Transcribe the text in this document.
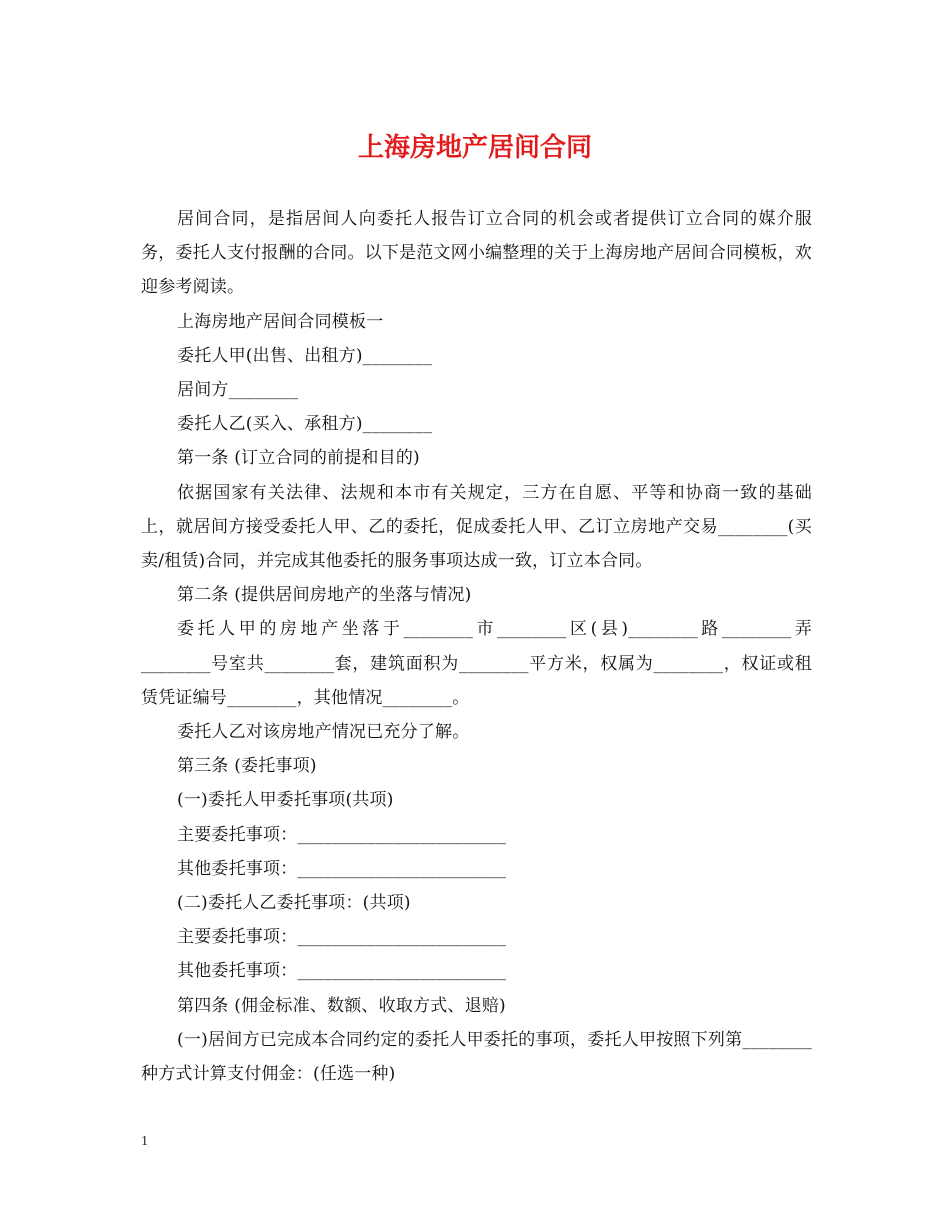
上海房地产居间合同

居间合同，是指居间人向委托人报告订立合同的机会或者提供订立合同的媒介服务，委托人支付报酬的合同。以下是范文网小编整理的关于上海房地产居间合同模板，欢迎参考阅读。

上海房地产居间合同模板一

委托人甲(出售、出租方)________

居间方________

委托人乙(买入、承租方)________

第一条 (订立合同的前提和目的)

依据国家有关法律、法规和本市有关规定，三方在自愿、平等和协商一致的基础上，就居间方接受委托人甲、乙的委托，促成委托人甲、乙订立房地产交易________(买卖/租赁)合同，并完成其他委托的服务事项达成一致，订立本合同。

第二条 (提供居间房地产的坐落与情况)

委托人甲的房地产坐落于________市________区(县)________路________弄________号室共________套，建筑面积为________平方米，权属为________，权证或租赁凭证编号________，其他情况________。

委托人乙对该房地产情况已充分了解。

第三条 (委托事项)

(一)委托人甲委托事项(共项)

主要委托事项：________________________

其他委托事项：________________________

(二)委托人乙委托事项：(共项)

主要委托事项：________________________

其他委托事项：________________________

第四条 (佣金标准、数额、收取方式、退赔)

(一)居间方已完成本合同约定的委托人甲委托的事项，委托人甲按照下列第________种方式计算支付佣金：(任选一种)

1
